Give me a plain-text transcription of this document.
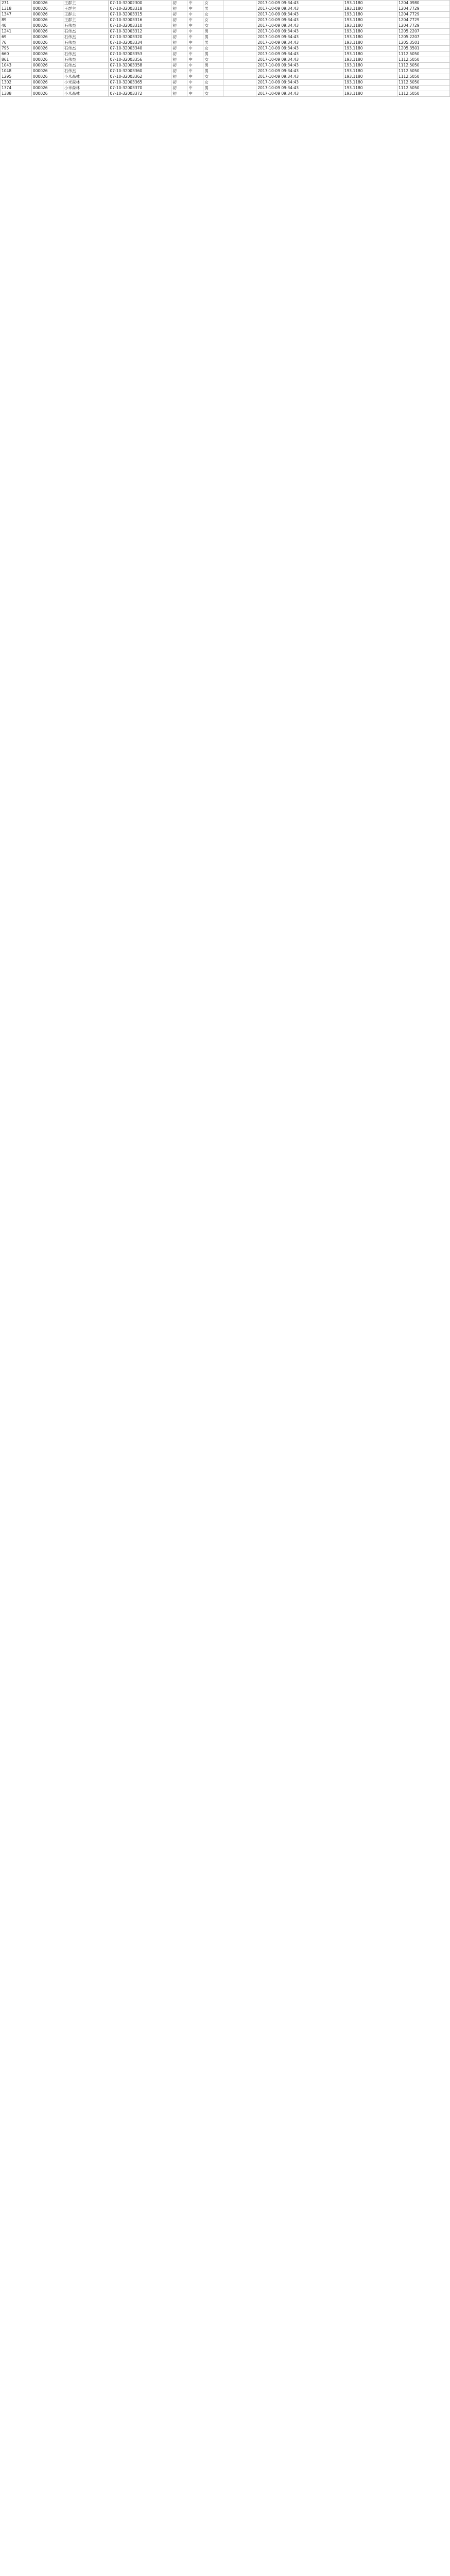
271	000026	王群主	07-10-32002300	初	中	女		2017-10-09 09:34:43	193.1180	1204.0980
1318	000026	王群主	07-10-32003318	初	中	男		2017-10-09 09:34:43	193.1180	1204.7729
1347	000026	王群主	07-10-32003315	初	中	女		2017-10-09 09:34:43	193.1180	1204.7729
89	000026	王群主	07-10-32003316	初	中	女		2017-10-09 09:34:43	193.1180	1204.7729
40	000026	石伟杰	07-10-32003310	初	中	女		2017-10-09 09:34:43	193.1180	1204.7729
1241	000026	石伟杰	07-10-32003312	初	中	男		2017-10-09 09:34:43	193.1180	1205.2207
69	000026	石伟杰	07-10-32003320	初	中	男		2017-10-09 09:34:43	193.1180	1205.2207
76	000026	石伟杰	07-10-32003334	初	中	男		2017-10-09 09:34:43	193.1180	1205.3501
795	000026	石伟杰	07-10-32003340	初	中	女		2017-10-09 09:34:43	193.1180	1205.3501
660	000026	石伟杰	07-10-32003353	初	中	男		2017-10-09 09:34:43	193.1180	1112.5050
861	000026	石伟杰	07-10-32003356	初	中	女		2017-10-09 09:34:43	193.1180	1112.5050
1043	000026	石伟杰	07-10-32003358	初	中	男		2017-10-09 09:34:43	193.1180	1112.5050
1048	000026	石伟杰	07-10-32003360	初	中	男		2017-10-09 09:34:43	193.1180	1112.5050
1295	000026	小米森林	07-10-32003362	初	中	女		2017-10-09 09:34:43	193.1180	1112.5050
1302	000026	小米森林	07-10-32003365	初	中	女		2017-10-09 09:34:43	193.1180	1112.5050
1374	000026	小米森林	07-10-32003370	初	中	男		2017-10-09 09:34:43	193.1180	1112.5050
1388	000026	小米森林	07-10-32003372	初	中	女		2017-10-09 09:34:43	193.1180	1112.5050
